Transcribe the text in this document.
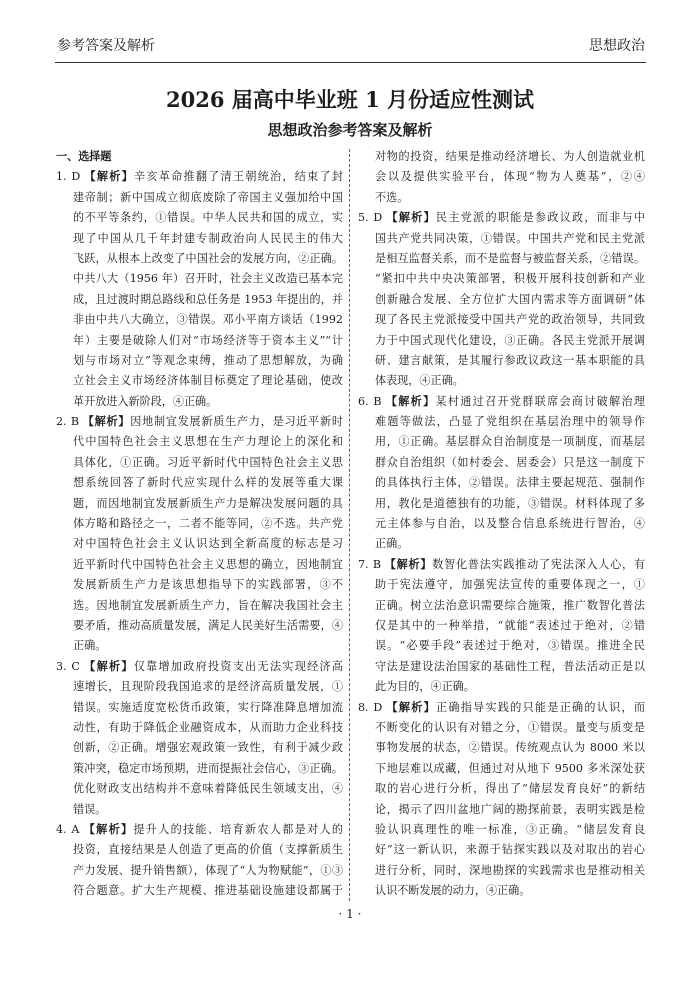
参考答案及解析	思想政治
2026 届高中毕业班 1 月份适应性测试
思想政治参考答案及解析
一、选择题
1. D 【解析】辛亥革命推翻了清王朝统治，结束了封
建帝制；新中国成立彻底废除了帝国主义强加给中国
的不平等条约，①错误。中华人民共和国的成立，实
现了中国从几千年封建专制政治向人民民主的伟大
飞跃，从根本上改变了中国社会的发展方向，②正确。
中共八大（1956 年）召开时，社会主义改造已基本完
成，且过渡时期总路线和总任务是 1953 年提出的，并
非由中共八大确立，③错误。邓小平南方谈话（1992
年）主要是破除人们对“市场经济等于资本主义”“计
划与市场对立”等观念束缚，推动了思想解放，为确
立社会主义市场经济体制目标奠定了理论基础，使改
革开放进入新阶段，④正确。
2. B 【解析】因地制宜发展新质生产力，是习近平新时
代中国特色社会主义思想在生产力理论上的深化和
具体化，①正确。习近平新时代中国特色社会主义思
想系统回答了新时代应实现什么样的发展等重大课
题，而因地制宜发展新质生产力是解决发展问题的具
体方略和路径之一，二者不能等同，②不选。共产党
对中国特色社会主义认识达到全新高度的标志是习
近平新时代中国特色社会主义思想的确立，因地制宜
发展新质生产力是该思想指导下的实践部署，③不
选。因地制宜发展新质生产力，旨在解决我国社会主
要矛盾，推动高质量发展，满足人民美好生活需要，④
正确。
3. C 【解析】仅靠增加政府投资支出无法实现经济高
速增长，且现阶段我国追求的是经济高质量发展，①
错误。实施适度宽松货币政策，实行降准降息增加流
动性，有助于降低企业融资成本，从而助力企业科技
创新，②正确。增强宏观政策一致性，有利于减少政
策冲突，稳定市场预期，进而提振社会信心，③正确。
优化财政支出结构并不意味着降低民生领域支出，④
错误。
4. A 【解析】提升人的技能、培育新农人都是对人的
投资，直接结果是人创造了更高的价值（支撑新质生
产力发展、提升销售额），体现了“人为物赋能”，①③
符合题意。扩大生产规模、推进基础设施建设都属于
对物的投资，结果是推动经济增长、为人创造就业机
会以及提供实验平台，体现“物为人奠基”，②④
不选。
5. D 【解析】民主党派的职能是参政议政，而非与中
国共产党共同决策，①错误。中国共产党和民主党派
是相互监督关系，而不是监督与被监督关系，②错误。
“紧扣中共中央决策部署，积极开展科技创新和产业
创新融合发展、全方位扩大国内需求等方面调研”体
现了各民主党派接受中国共产党的政治领导，共同致
力于中国式现代化建设，③正确。各民主党派开展调
研、建言献策，是其履行参政议政这一基本职能的具
体表现，④正确。
6. B 【解析】某村通过召开党群联席会商讨破解治理
难题等做法，凸显了党组织在基层治理中的领导作
用，①正确。基层群众自治制度是一项制度，而基层
群众自治组织（如村委会、居委会）只是这一制度下
的具体执行主体，②错误。法律主要起规范、强制作
用，教化是道德独有的功能，③错误。材料体现了多
元主体参与自治，以及整合信息系统进行智治，④
正确。
7. B 【解析】数智化普法实践推动了宪法深入人心，有
助于宪法遵守，加强宪法宣传的重要体现之一，①
正确。树立法治意识需要综合施策，推广数智化普法
仅是其中的一种举措，“就能”表述过于绝对，②错
误。“必要手段”表述过于绝对，③错误。推进全民
守法是建设法治国家的基础性工程，普法活动正是以
此为目的，④正确。
8. D 【解析】正确指导实践的只能是正确的认识，而
不断变化的认识有对错之分，①错误。量变与质变是
事物发展的状态，②错误。传统观点认为 8000 米以
下地层难以成藏，但通过对从地下 9500 多米深处获
取的岩心进行分析，得出了“储层发育良好”的新结
论，揭示了四川盆地广阔的勘探前景，表明实践是检
验认识真理性的唯一标准，③正确。“储层发育良
好”这一新认识，来源于钻探实践以及对取出的岩心
进行分析，同时，深地勘探的实践需求也是推动相关
认识不断发展的动力，④正确。
· 1 ·
